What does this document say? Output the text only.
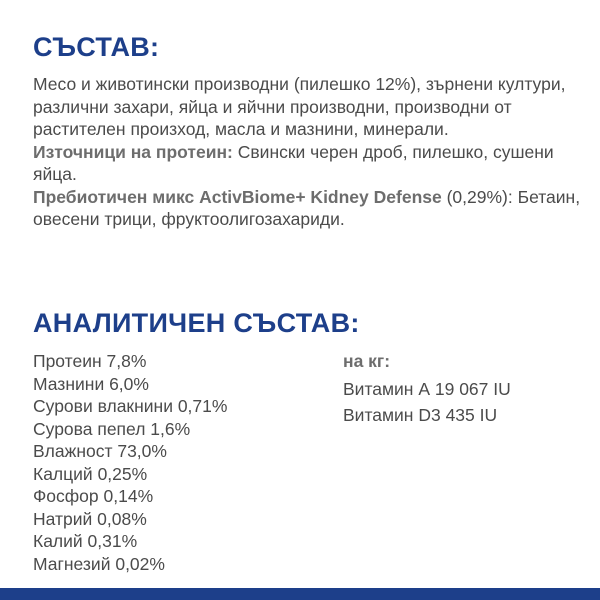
СЪСТАВ:

Месо и животински производни (пилешко 12%), зърнени култури, различни захари, яйца и яйчни производни, производни от растителен произход, масла и мазнини, минерали.

Източници на протеин: Свински черен дроб, пилешко, сушени яйца.

Пребиотичен микс ActivBiome+ Kidney Defense (0,29%): Бетаин, овесени трици, фруктоолигозахариди.

АНАЛИТИЧЕН СЪСТАВ:
Протеин 7,8%
Мазнини 6,0%
Сурови влакнини 0,71%
Сурова пепел 1,6%
Влажност 73,0%
Калций 0,25%
Фосфор 0,14%
Натрий 0,08%
Калий 0,31%
Магнезий 0,02%
на кг:
Витамин А 19 067 IU
Витамин D3 435 IU
